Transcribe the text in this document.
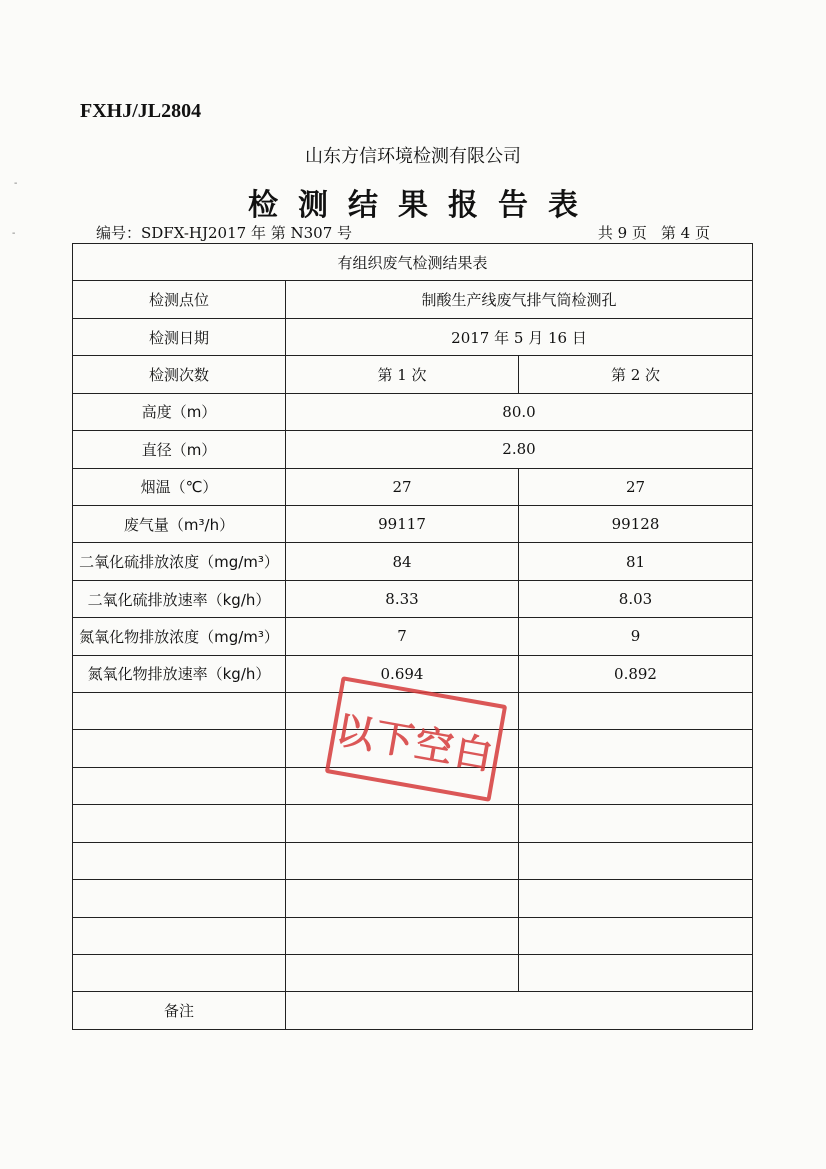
FXHJ/JL2804
山东方信环境检测有限公司
检测结果报告表
编号：SDFX-HJ2017 年 第 N307 号	共 9 页 第 4 页
-
-
有组织废气检测结果表		
检测点位	制酸生产线废气排气筒检测孔	
检测日期	2017 年 5 月 16 日	
检测次数	第 1 次	第 2 次
高度（m）	80.0	
直径（m）	2.80	
烟温（℃）	27	27
废气量（m³/h）	99117	99128
二氧化硫排放浓度（mg/m³）	84	81
二氧化硫排放速率（kg/h）	8.33	8.03
氮氧化物排放浓度（mg/m³）	7	9
氮氧化物排放速率（kg/h）	0.694	0.892

备注		
以下空白
